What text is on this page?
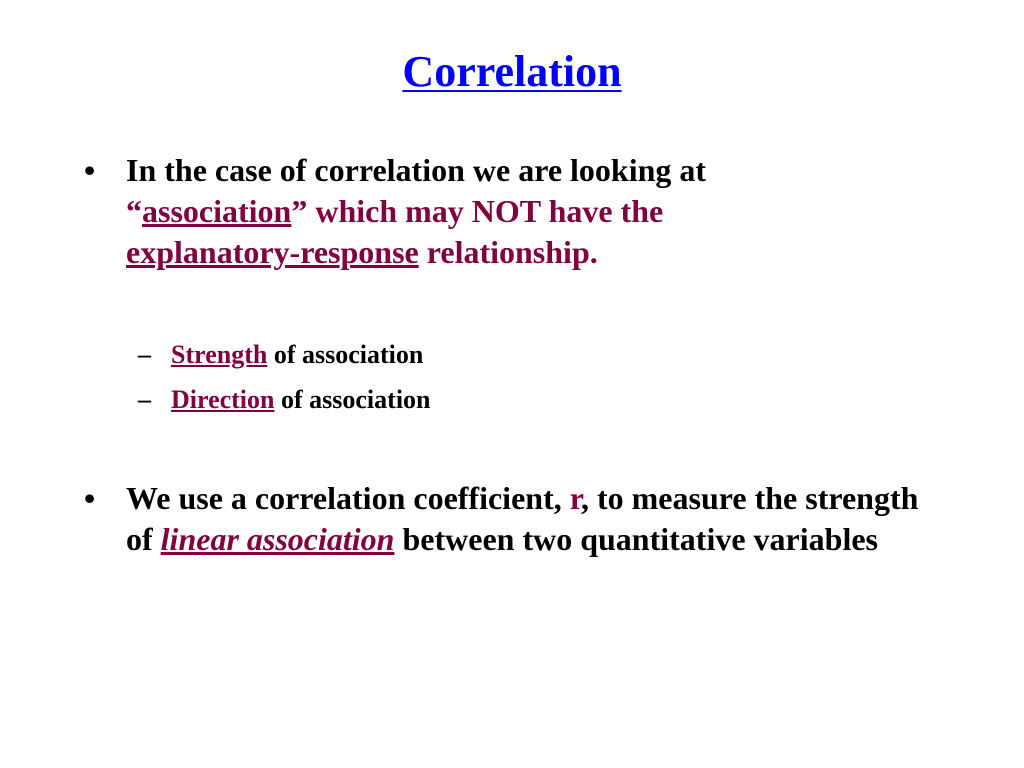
Correlation
• In the case of correlation we are looking at
“association” which may NOT have the
explanatory-response relationship.
– Strength of association
– Direction of association
• We use a correlation coefficient, r, to measure the strength of linear association between two quantitative variables
